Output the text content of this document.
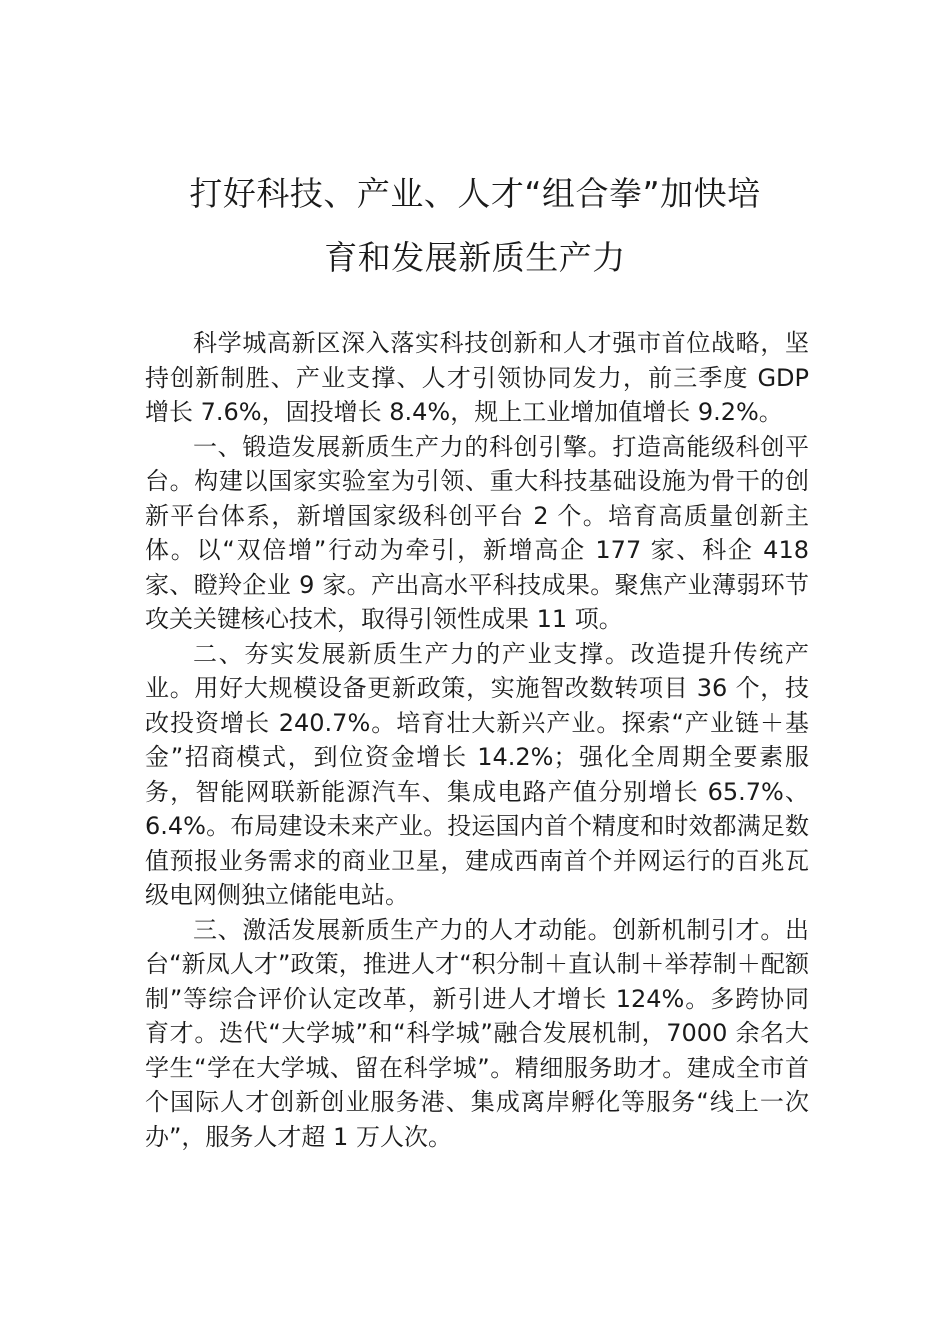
打好科技、产业、人才“组合拳”加快培
育和发展新质生产力

科学城高新区深入落实科技创新和人才强市首位战略，坚持创新制胜、产业支撑、人才引领协同发力，前三季度 GDP 增长 7.6%，固投增长 8.4%，规上工业增加值增长 9.2%。

一、锻造发展新质生产力的科创引擎。打造高能级科创平台。构建以国家实验室为引领、重大科技基础设施为骨干的创新平台体系，新增国家级科创平台 2 个。培育高质量创新主体。以“双倍增”行动为牵引，新增高企 177 家、科企 418 家、瞪羚企业 9 家。产出高水平科技成果。聚焦产业薄弱环节攻关关键核心技术，取得引领性成果 11 项。

二、夯实发展新质生产力的产业支撑。改造提升传统产业。用好大规模设备更新政策，实施智改数转项目 36 个，技改投资增长 240.7%。培育壮大新兴产业。探索“产业链＋基金”招商模式，到位资金增长 14.2%；强化全周期全要素服务，智能网联新能源汽车、集成电路产值分别增长 65.7%、6.4%。布局建设未来产业。投运国内首个精度和时效都满足数值预报业务需求的商业卫星，建成西南首个并网运行的百兆瓦级电网侧独立储能电站。

三、激活发展新质生产力的人才动能。创新机制引才。出台“新凤人才”政策，推进人才“积分制＋直认制＋举荐制＋配额制”等综合评价认定改革，新引进人才增长 124%。多跨协同育才。迭代“大学城”和“科学城”融合发展机制，7000 余名大学生“学在大学城、留在科学城”。精细服务助才。建成全市首个国际人才创新创业服务港、集成离岸孵化等服务“线上一次办”，服务人才超 1 万人次。
